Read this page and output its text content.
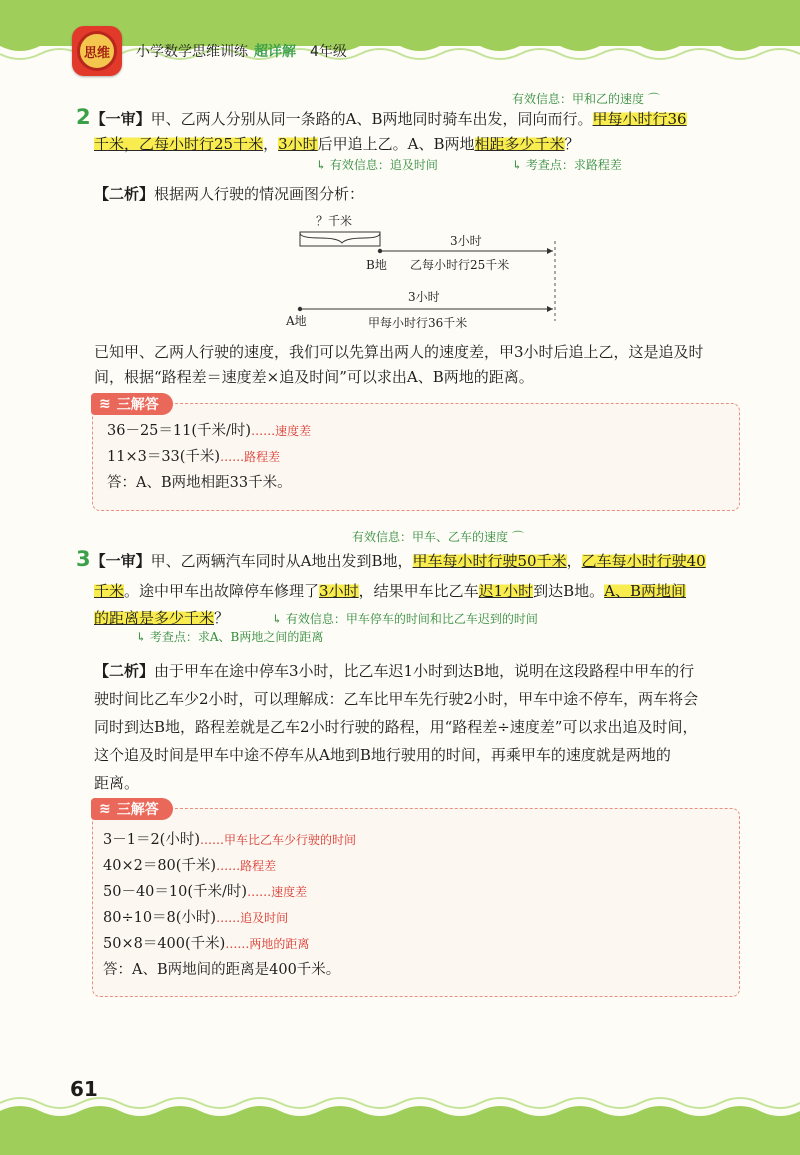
思维	小学数学思维训练 超详解 4年级
有效信息：甲和乙的速度 ⌒
2【一审】甲、乙两人分别从同一条路的A、B两地同时骑车出发，同向而行。甲每小时行36
千米，乙每小时行25千米，3小时后甲追上乙。A、B两地相距多少千米？
↳ 有效信息：追及时间	↳ 考查点：求路程差
【二析】根据两人行驶的情况画图分析：
？千米
3小时
B地 乙每小时行25千米
3小时
A地	甲每小时行36千米
已知甲、乙两人行驶的速度，我们可以先算出两人的速度差，甲3小时后追上乙，这是追及时
间，根据“路程差＝速度差×追及时间”可以求出A、B两地的距离。
≋ 三解答
36－25＝11(千米/时)……速度差
11×3＝33(千米)……路程差
答：A、B两地相距33千米。
有效信息：甲车、乙车的速度 ⌒
3【一审】甲、乙两辆汽车同时从A地出发到B地，甲车每小时行驶50千米，乙车每小时行驶40
千米。途中甲车出故障停车修理了3小时，结果甲车比乙车迟1小时到达B地。A、B两地间
的距离是多少千米？	↳ 有效信息：甲车停车的时间和比乙车迟到的时间
↳ 考查点：求A、B两地之间的距离
【二析】由于甲车在途中停车3小时，比乙车迟1小时到达B地，说明在这段路程中甲车的行
驶时间比乙车少2小时，可以理解成：乙车比甲车先行驶2小时，甲车中途不停车，两车将会
同时到达B地，路程差就是乙车2小时行驶的路程，用“路程差÷速度差”可以求出追及时间，
这个追及时间是甲车中途不停车从A地到B地行驶用的时间，再乘甲车的速度就是两地的
距离。
≋ 三解答
3－1＝2(小时)……甲车比乙车少行驶的时间
40×2＝80(千米)……路程差
50－40＝10(千米/时)……速度差
80÷10＝8(小时)……追及时间
50×8＝400(千米)……两地的距离
答：A、B两地间的距离是400千米。
61
